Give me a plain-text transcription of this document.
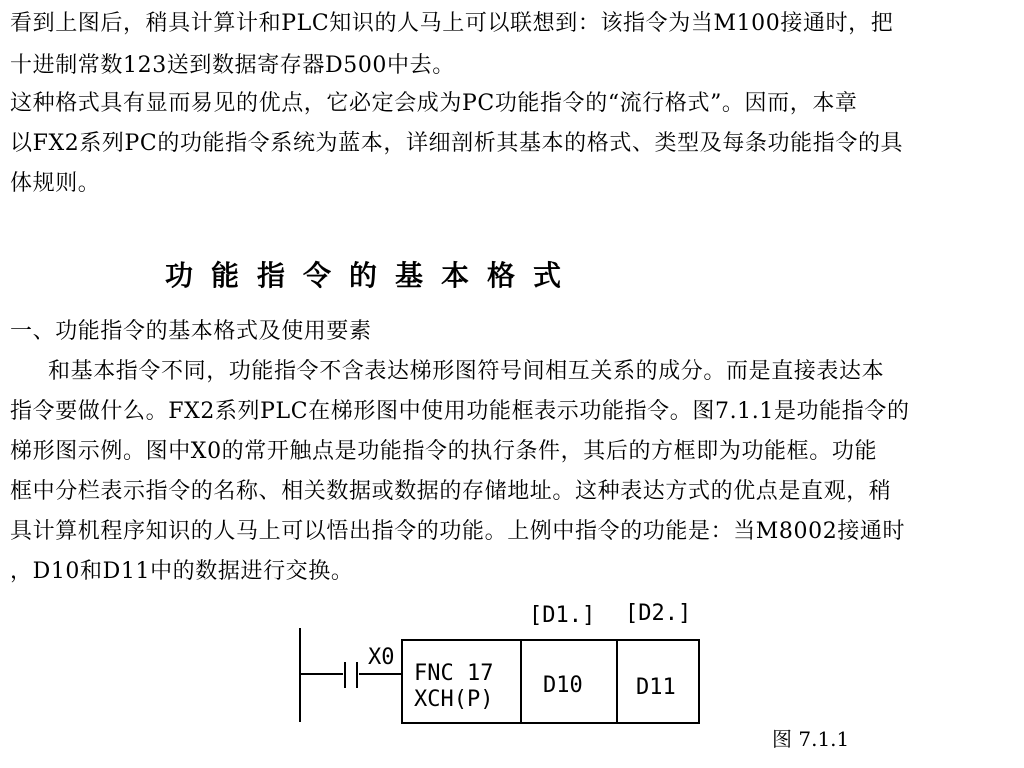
看到上图后，稍具计算计和PLC知识的人马上可以联想到：该指令为当M100接通时，把
十进制常数123送到数据寄存器D500中去。
这种格式具有显而易见的优点，它必定会成为PC功能指令的“流行格式”。因而，本章
以FX2系列PC的功能指令系统为蓝本，详细剖析其基本的格式、类型及每条功能指令的具
体规则。
功能指令的基本格式
一、功能指令的基本格式及使用要素
和基本指令不同，功能指令不含表达梯形图符号间相互关系的成分。而是直接表达本
指令要做什么。FX2系列PLC在梯形图中使用功能框表示功能指令。图7.1.1是功能指令的
梯形图示例。图中X0的常开触点是功能指令的执行条件，其后的方框即为功能框。功能
框中分栏表示指令的名称、相关数据或数据的存储地址。这种表达方式的优点是直观，稍
具计算机程序知识的人马上可以悟出指令的功能。上例中指令的功能是：当M8002接通时
，D10和D11中的数据进行交换。
X0
[D1.] [D2.]
FNC 17
XCH(P)
D10 D11
图 7.1.1
